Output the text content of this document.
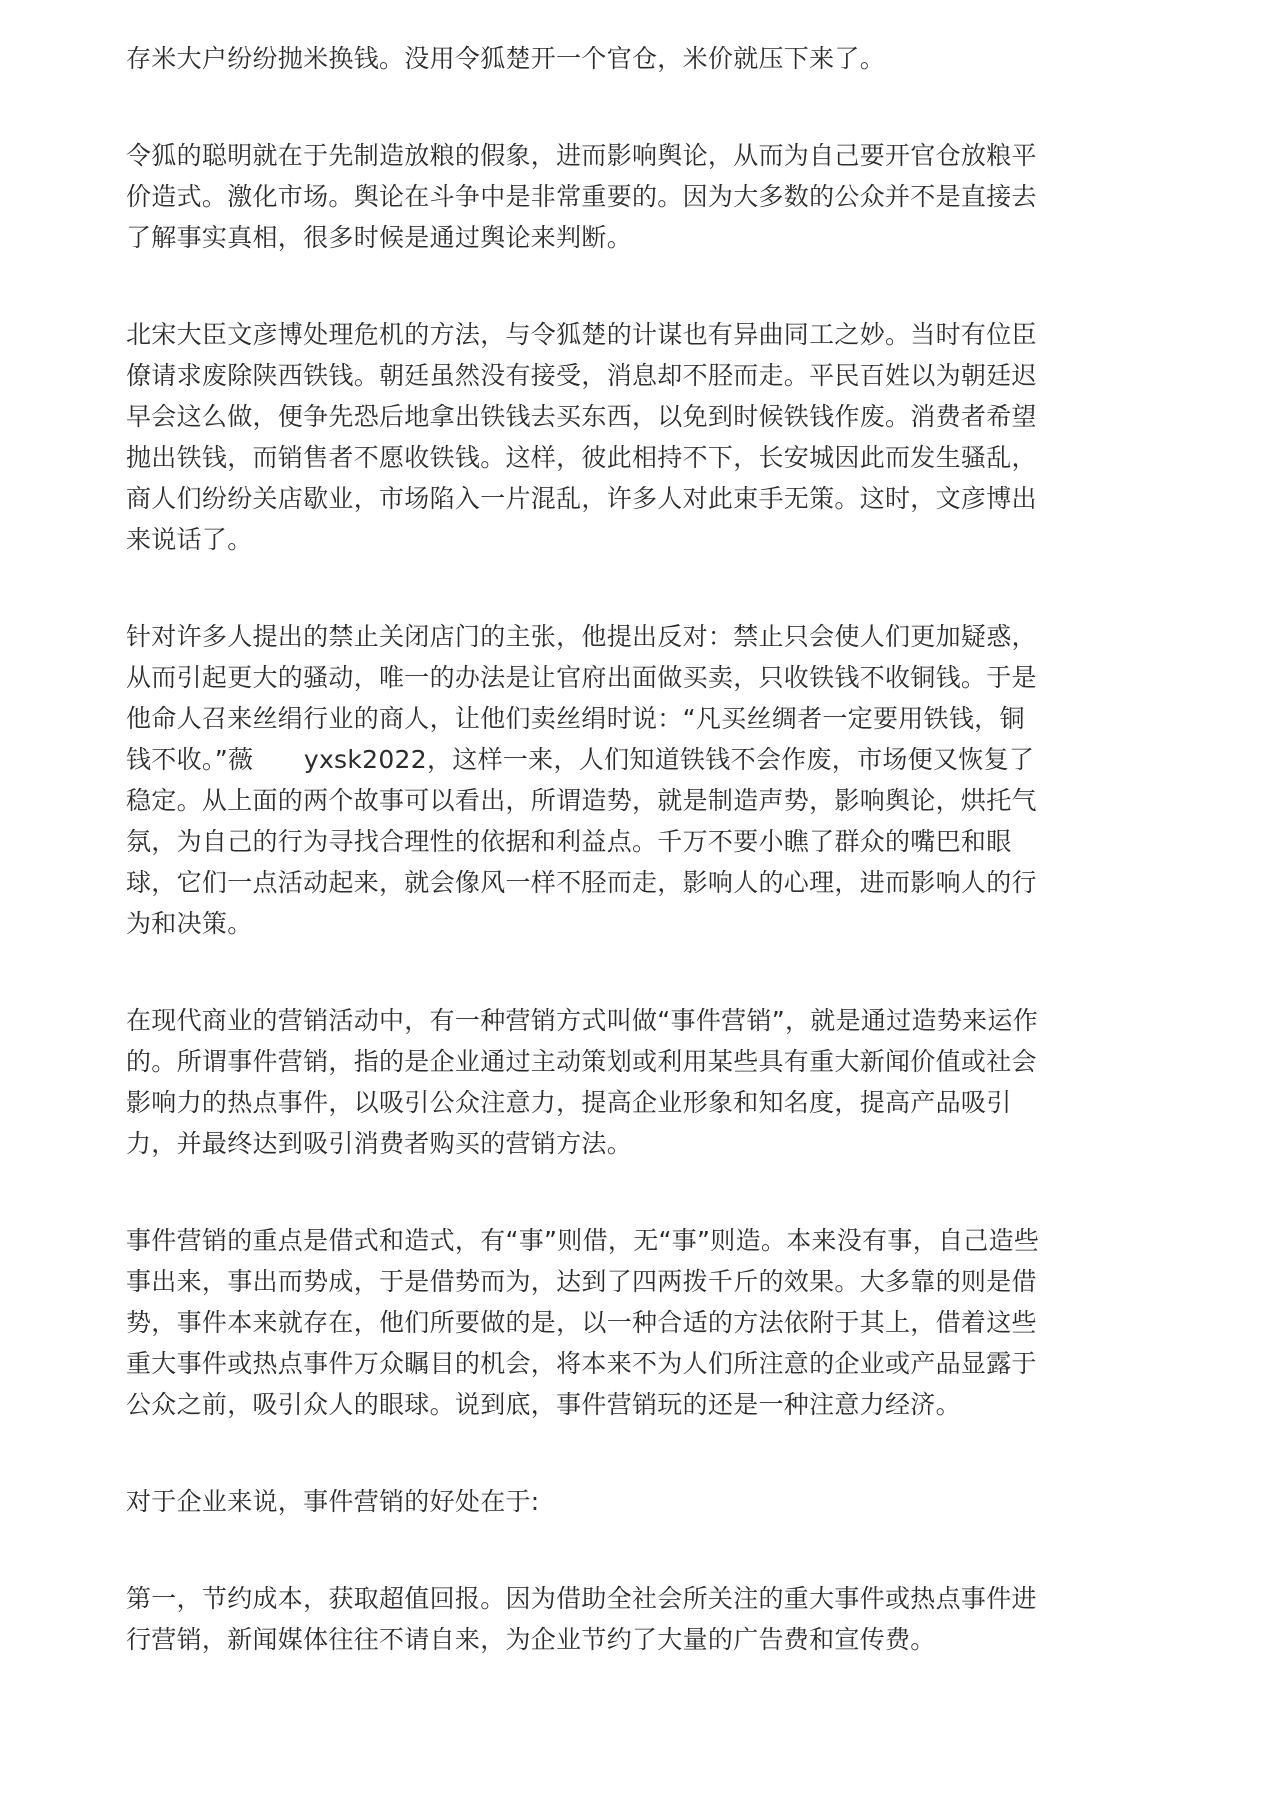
存米大户纷纷抛米换钱。没用令狐楚开一个官仓，米价就压下来了。

令狐的聪明就在于先制造放粮的假象，进而影响舆论，从而为自己要开官仓放粮平
价造式。激化市场。舆论在斗争中是非常重要的。因为大多数的公众并不是直接去
了解事实真相，很多时候是通过舆论来判断。

北宋大臣文彦博处理危机的方法，与令狐楚的计谋也有异曲同工之妙。当时有位臣
僚请求废除陕西铁钱。朝廷虽然没有接受，消息却不胫而走。平民百姓以为朝廷迟
早会这么做，便争先恐后地拿出铁钱去买东西，以免到时候铁钱作废。消费者希望
抛出铁钱，而销售者不愿收铁钱。这样，彼此相持不下，长安城因此而发生骚乱，
商人们纷纷关店歇业，市场陷入一片混乱，许多人对此束手无策。这时，文彦博出
来说话了。

针对许多人提出的禁止关闭店门的主张，他提出反对：禁止只会使人们更加疑惑，
从而引起更大的骚动，唯一的办法是让官府出面做买卖，只收铁钱不收铜钱。于是
他命人召来丝绢行业的商人，让他们卖丝绢时说：“凡买丝绸者一定要用铁钱，铜
钱不收。”薇　　yxsk2022，这样一来，人们知道铁钱不会作废，市场便又恢复了
稳定。从上面的两个故事可以看出，所谓造势，就是制造声势，影响舆论，烘托气
氛，为自己的行为寻找合理性的依据和利益点。千万不要小瞧了群众的嘴巴和眼
球，它们一点活动起来，就会像风一样不胫而走，影响人的心理，进而影响人的行
为和决策。

在现代商业的营销活动中，有一种营销方式叫做“事件营销”，就是通过造势来运作
的。所谓事件营销，指的是企业通过主动策划或利用某些具有重大新闻价值或社会
影响力的热点事件，以吸引公众注意力，提高企业形象和知名度，提高产品吸引
力，并最终达到吸引消费者购买的营销方法。

事件营销的重点是借式和造式，有“事”则借，无“事”则造。本来没有事，自己造些
事出来，事出而势成，于是借势而为，达到了四两拨千斤的效果。大多靠的则是借
势，事件本来就存在，他们所要做的是，以一种合适的方法依附于其上，借着这些
重大事件或热点事件万众瞩目的机会，将本来不为人们所注意的企业或产品显露于
公众之前，吸引众人的眼球。说到底，事件营销玩的还是一种注意力经济。

对于企业来说，事件营销的好处在于:

第一，节约成本，获取超值回报。因为借助全社会所关注的重大事件或热点事件进
行营销，新闻媒体往往不请自来，为企业节约了大量的广告费和宣传费。
